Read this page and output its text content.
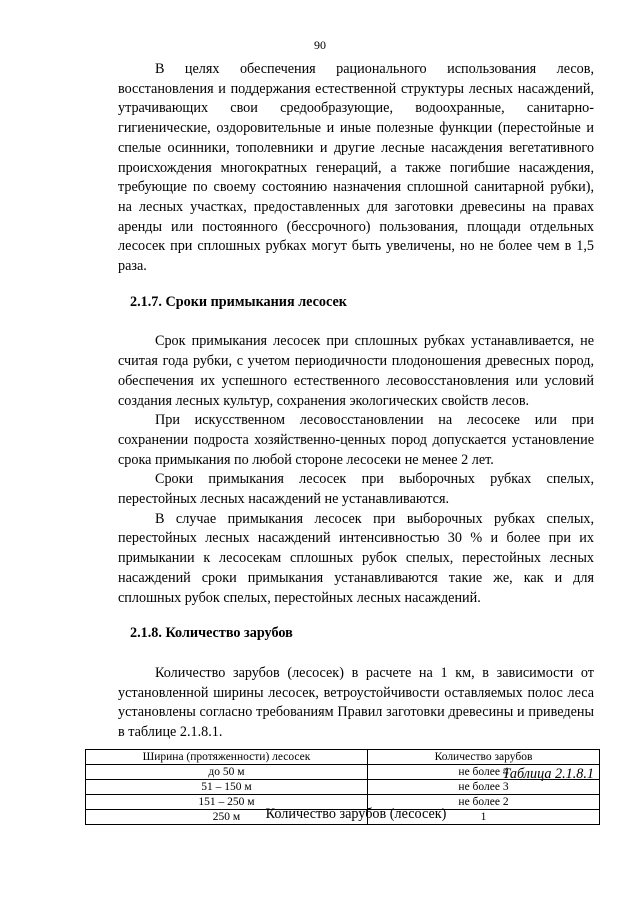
90

В целях обеспечения рационального использования лесов, восстановления и поддержания естественной структуры лесных насаждений, утрачивающих свои средообразующие, водоохранные, санитарно-гигиенические, оздоровительные и иные полезные функции (перестойные и спелые осинники, тополевники и другие лесные насаждения вегетативного происхождения многократных генераций, а также погибшие насаждения, требующие по своему состоянию назначения сплошной санитарной рубки), на лесных участках, предоставленных для заготовки древесины на правах аренды или постоянного (бессрочного) пользования, площади отдельных лесосек при сплошных рубках могут быть увеличены, но не более чем в 1,5 раза.

2.1.7. Сроки примыкания лесосек

Срок примыкания лесосек при сплошных рубках устанавливается, не считая года рубки, с учетом периодичности плодоношения древесных пород, обеспечения их успешного естественного лесовосстановления или условий создания лесных культур, сохранения экологических свойств лесов.

При искусственном лесовосстановлении на лесосеке или при сохранении подроста хозяйственно-ценных пород допускается установление срока примыкания по любой стороне лесосеки не менее 2 лет.

Сроки примыкания лесосек при выборочных рубках спелых, перестойных лесных насаждений не устанавливаются.

В случае примыкания лесосек при выборочных рубках спелых, перестойных лесных насаждений интенсивностью 30 % и более при их примыкании к лесосекам сплошных рубок спелых, перестойных лесных насаждений сроки примыкания устанавливаются такие же, как и для сплошных рубок спелых, перестойных лесных насаждений.

2.1.8. Количество зарубов

Количество зарубов (лесосек) в расчете на 1 км, в зависимости от установленной ширины лесосек, ветроустойчивости оставляемых полос леса установлены согласно требованиям Правил заготовки древесины и приведены в таблице 2.1.8.1.

Таблица 2.1.8.1

Количество зарубов (лесосек)

Ширина (протяженности) лесосек	Количество зарубов
до 50 м	не более 4
51 – 150 м	не более 3
151 – 250 м	не более 2
250 м	1
